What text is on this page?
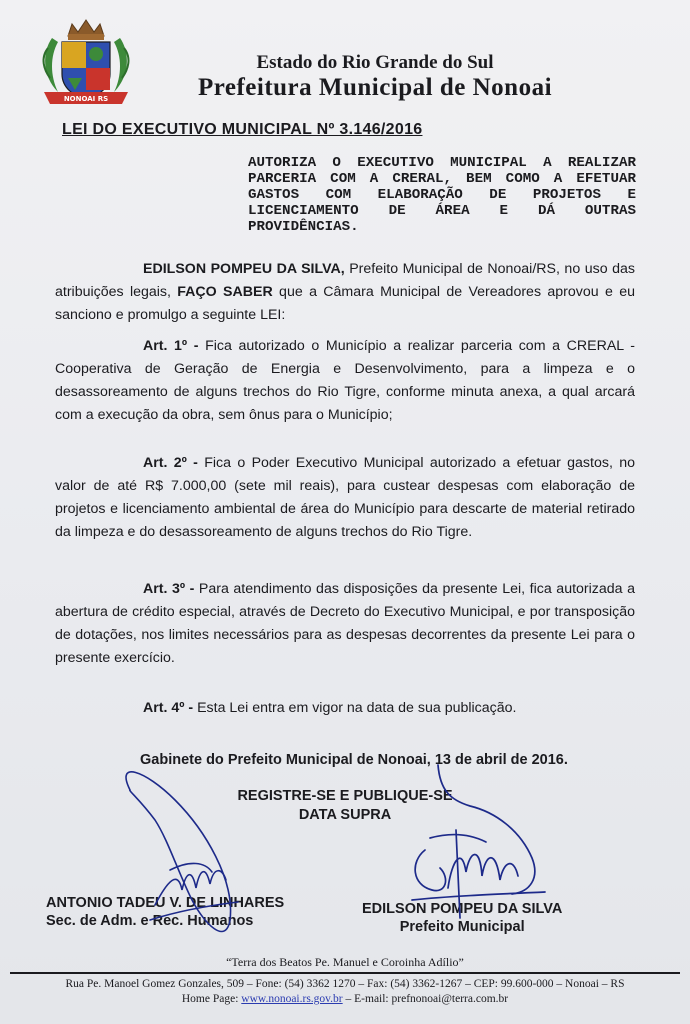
NONOAI RS
Estado do Rio Grande do Sul
Prefeitura Municipal de Nonoai
LEI DO EXECUTIVO MUNICIPAL Nº 3.146/2016
AUTORIZA O EXECUTIVO MUNICIPAL A REALIZAR PARCERIA COM A CRERAL, BEM COMO A EFETUAR GASTOS COM ELABORAÇÃO DE PROJETOS E LICENCIAMENTO DE ÁREA E DÁ OUTRAS PROVIDÊNCIAS.
EDILSON POMPEU DA SILVA, Prefeito Municipal de Nonoai/RS, no uso das atribuições legais, FAÇO SABER que a Câmara Municipal de Vereadores aprovou e eu sanciono e promulgo a seguinte LEI:
Art. 1º - Fica autorizado o Município a realizar parceria com a CRERAL - Cooperativa de Geração de Energia e Desenvolvimento, para a limpeza e o desassoreamento de alguns trechos do Rio Tigre, conforme minuta anexa, a qual arcará com a execução da obra, sem ônus para o Município;
Art. 2º - Fica o Poder Executivo Municipal autorizado a efetuar gastos, no valor de até R$ 7.000,00 (sete mil reais), para custear despesas com elaboração de projetos e licenciamento ambiental de área do Município para descarte de material retirado da limpeza e do desassoreamento de alguns trechos do Rio Tigre.
Art. 3º - Para atendimento das disposições da presente Lei, fica autorizada a abertura de crédito especial, através de Decreto do Executivo Municipal, e por transposição de dotações, nos limites necessários para as despesas decorrentes da presente Lei para o presente exercício.
Art. 4º - Esta Lei entra em vigor na data de sua publicação.
Gabinete do Prefeito Municipal de Nonoai, 13 de abril de 2016.
REGISTRE-SE E PUBLIQUE-SE
DATA SUPRA
ANTONIO TADEU V. DE LINHARES
Sec. de Adm. e Rec. Humanos
EDILSON POMPEU DA SILVA
Prefeito Municipal
“Terra dos Beatos Pe. Manuel e Coroinha Adílio”
Rua Pe. Manoel Gomez Gonzales, 509 – Fone: (54) 3362 1270 – Fax: (54) 3362-1267 – CEP: 99.600-000 – Nonoai – RS
Home Page: www.nonoai.rs.gov.br – E-mail: prefnonoai@terra.com.br
